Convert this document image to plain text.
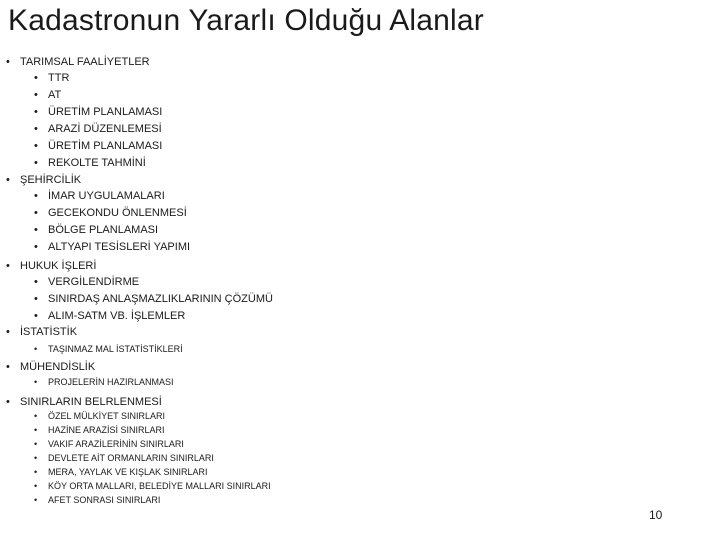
Kadastronun Yararlı Olduğu Alanlar
• TARIMSAL FAALİYETLER
• TTR
• AT
• ÜRETİM PLANLAMASI
• ARAZİ DÜZENLEMESİ
• ÜRETİM PLANLAMASI
• REKOLTE TAHMİNİ
• ŞEHİRCİLİK
• İMAR UYGULAMALARI
• GECEKONDU ÖNLENMESİ
• BÖLGE PLANLAMASI
• ALTYAPI TESİSLERİ YAPIMI
• HUKUK İŞLERİ
• VERGİLENDİRME
• SINIRDAŞ ANLAŞMAZLIKLARININ ÇÖZÜMÜ
• ALIM-SATM VB. İŞLEMLER
• İSTATİSTİK
• TAŞINMAZ MAL İSTATİSTİKLERİ
• MÜHENDİSLİK
• PROJELERİN HAZIRLANMASI
• SINIRLARIN BELRLENMESİ
• ÖZEL MÜLKİYET SINIRLARI
• HAZİNE ARAZİSİ SINIRLARI
• VAKIF ARAZİLERİNİN SINIRLARI
• DEVLETE AİT ORMANLARIN SINIRLARI
• MERA, YAYLAK VE KIŞLAK SINIRLARI
• KÖY ORTA MALLARI, BELEDİYE MALLARI SINIRLARI
• AFET SONRASI SINIRLARI
10
